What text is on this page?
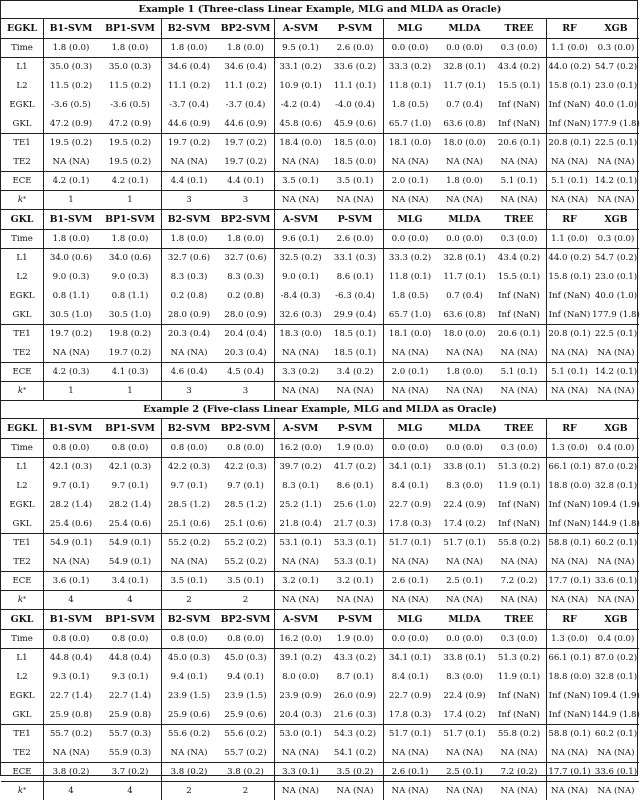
Example 1 (Three-class Linear Example, MLG and MLDA as Oracle)
EGKL	B1-SVM	BP1-SVM	B2-SVM	BP2-SVM	A-SVM	P-SVM	MLG	MLDA	TREE	RF	XGB
Time	1.8 (0.0)	1.8 (0.0)	1.8 (0.0)	1.8 (0.0)	9.5 (0.1)	2.6 (0.0)	0.0 (0.0)	0.0 (0.0)	0.3 (0.0)	1.1 (0.0)	0.3 (0.0)
L1	35.0 (0.3)	35.0 (0.3)	34.6 (0.4)	34.6 (0.4)	33.1 (0.2)	33.6 (0.2)	33.3 (0.2)	32.8 (0.1)	43.4 (0.2) 44.0 (0.2) 54.7 (0.2)
L2	11.5 (0.2)	11.5 (0.2)	11.1 (0.2)	11.1 (0.2)	10.9 (0.1)	11.1 (0.1)	11.8 (0.1)	11.7 (0.1)	15.5 (0.1) 15.8 (0.1) 23.0 (0.1)
EGKL	-3.6 (0.5)	-3.6 (0.5)	-3.7 (0.4)	-3.7 (0.4)	-4.2 (0.4)	-4.0 (0.4)	1.8 (0.5)	0.7 (0.4)	Inf (NaN)	Inf (NaN) 40.0 (1.0)
GKL	47.2 (0.9)	47.2 (0.9)	44.6 (0.9)	44.6 (0.9)	45.8 (0.6)	45.9 (0.6)	65.7 (1.0)	63.6 (0.8)	Inf (NaN)	Inf (NaN) 177.9 (1.8)
TE1	19.5 (0.2)	19.5 (0.2)	19.7 (0.2)	19.7 (0.2)	18.4 (0.0)	18.5 (0.0)	18.1 (0.0)	18.0 (0.0)	20.6 (0.1) 20.8 (0.1) 22.5 (0.1)
TE2	NA (NA)	19.5 (0.2)	NA (NA)	19.7 (0.2)	NA (NA)	18.5 (0.0)	NA (NA)	NA (NA)	NA (NA)	NA (NA)	NA (NA)
ECE	4.2 (0.1)	4.2 (0.1)	4.4 (0.1)	4.4 (0.1)	3.5 (0.1)	3.5 (0.1)	2.0 (0.1)	1.8 (0.0)	5.1 (0.1)	5.1 (0.1) 14.2 (0.1)
k *	1	1	3	3	NA (NA)	NA (NA)	NA (NA)	NA (NA)	NA (NA)	NA (NA)	NA (NA)
GKL	B1-SVM	BP1-SVM	B2-SVM	BP2-SVM	A-SVM	P-SVM	MLG	MLDA	TREE	RF	XGB
Time	1.8 (0.0)	1.8 (0.0)	1.8 (0.0)	1.8 (0.0)	9.6 (0.1)	2.6 (0.0)	0.0 (0.0)	0.0 (0.0)	0.3 (0.0)	1.1 (0.0)	0.3 (0.0)
L1	34.0 (0.6)	34.0 (0.6)	32.7 (0.6)	32.7 (0.6)	32.5 (0.2)	33.1 (0.3)	33.3 (0.2)	32.8 (0.1)	43.4 (0.2) 44.0 (0.2) 54.7 (0.2)
L2	9.0 (0.3)	9.0 (0.3)	8.3 (0.3)	8.3 (0.3)	9.0 (0.1)	8.6 (0.1)	11.8 (0.1)	11.7 (0.1)	15.5 (0.1) 15.8 (0.1) 23.0 (0.1)
EGKL	0.8 (1.1)	0.8 (1.1)	0.2 (0.8)	0.2 (0.8)	-8.4 (0.3)	-6.3 (0.4)	1.8 (0.5)	0.7 (0.4)	Inf (NaN)	Inf (NaN) 40.0 (1.0)
GKL	30.5 (1.0)	30.5 (1.0)	28.0 (0.9)	28.0 (0.9)	32.6 (0.3)	29.9 (0.4)	65.7 (1.0)	63.6 (0.8)	Inf (NaN)	Inf (NaN) 177.9 (1.8)
TE1	19.7 (0.2)	19.8 (0.2)	20.3 (0.4)	20.4 (0.4)	18.3 (0.0)	18.5 (0.1)	18.1 (0.0)	18.0 (0.0)	20.6 (0.1) 20.8 (0.1) 22.5 (0.1)
TE2	NA (NA)	19.7 (0.2)	NA (NA)	20.3 (0.4)	NA (NA)	18.5 (0.1)	NA (NA)	NA (NA)	NA (NA)	NA (NA)	NA (NA)
ECE	4.2 (0.3)	4.1 (0.3)	4.6 (0.4)	4.5 (0.4)	3.3 (0.2)	3.4 (0.2)	2.0 (0.1)	1.8 (0.0)	5.1 (0.1)	5.1 (0.1) 14.2 (0.1)
k *	1	1	3	3	NA (NA)	NA (NA)	NA (NA)	NA (NA)	NA (NA)	NA (NA)	NA (NA)
Example 2 (Five-class Linear Example, MLG and MLDA as Oracle)
EGKL	B1-SVM	BP1-SVM	B2-SVM	BP2-SVM	A-SVM	P-SVM	MLG	MLDA	TREE	RF	XGB
Time	0.8 (0.0)	0.8 (0.0)	0.8 (0.0)	0.8 (0.0)	16.2 (0.0)	1.9 (0.0)	0.0 (0.0)	0.0 (0.0)	0.3 (0.0)	1.3 (0.0)	0.4 (0.0)
L1	42.1 (0.3)	42.1 (0.3)	42.2 (0.3)	42.2 (0.3)	39.7 (0.2)	41.7 (0.2)	34.1 (0.1)	33.8 (0.1)	51.3 (0.2) 66.1 (0.1) 87.0 (0.2)
L2	9.7 (0.1)	9.7 (0.1)	9.7 (0.1)	9.7 (0.1)	8.3 (0.1)	8.6 (0.1)	8.4 (0.1)	8.3 (0.0)	11.9 (0.1) 18.8 (0.0) 32.8 (0.1)
EGKL	28.2 (1.4)	28.2 (1.4)	28.5 (1.2)	28.5 (1.2)	25.2 (1.1)	25.6 (1.0)	22.7 (0.9)	22.4 (0.9)	Inf (NaN)	Inf (NaN) 109.4 (1.9)
GKL	25.4 (0.6)	25.4 (0.6)	25.1 (0.6)	25.1 (0.6)	21.8 (0.4)	21.7 (0.3)	17.8 (0.3)	17.4 (0.2)	Inf (NaN)	Inf (NaN) 144.9 (1.8)
TE1	54.9 (0.1)	54.9 (0.1)	55.2 (0.2)	55.2 (0.2)	53.1 (0.1)	53.3 (0.1)	51.7 (0.1)	51.7 (0.1)	55.8 (0.2) 58.8 (0.1) 60.2 (0.1)
TE2	NA (NA)	54.9 (0.1)	NA (NA)	55.2 (0.2)	NA (NA)	53.3 (0.1)	NA (NA)	NA (NA)	NA (NA)	NA (NA)	NA (NA)
ECE	3.6 (0.1)	3.4 (0.1)	3.5 (0.1)	3.5 (0.1)	3.2 (0.1)	3.2 (0.1)	2.6 (0.1)	2.5 (0.1)	7.2 (0.2)	17.7 (0.1) 33.6 (0.1)
k *	4	4	2	2	NA (NA)	NA (NA)	NA (NA)	NA (NA)	NA (NA)	NA (NA)	NA (NA)
GKL	B1-SVM	BP1-SVM	B2-SVM	BP2-SVM	A-SVM	P-SVM	MLG	MLDA	TREE	RF	XGB
Time	0.8 (0.0)	0.8 (0.0)	0.8 (0.0)	0.8 (0.0)	16.2 (0.0)	1.9 (0.0)	0.0 (0.0)	0.0 (0.0)	0.3 (0.0)	1.3 (0.0)	0.4 (0.0)
L1	44.8 (0.4)	44.8 (0.4)	45.0 (0.3)	45.0 (0.3)	39.1 (0.2)	43.3 (0.2)	34.1 (0.1)	33.8 (0.1)	51.3 (0.2) 66.1 (0.1) 87.0 (0.2)
L2	9.3 (0.1)	9.3 (0.1)	9.4 (0.1)	9.4 (0.1)	8.0 (0.0)	8.7 (0.1)	8.4 (0.1)	8.3 (0.0)	11.9 (0.1) 18.8 (0.0) 32.8 (0.1)
EGKL	22.7 (1.4)	22.7 (1.4)	23.9 (1.5)	23.9 (1.5)	23.9 (0.9)	26.0 (0.9)	22.7 (0.9)	22.4 (0.9)	Inf (NaN)	Inf (NaN) 109.4 (1.9)
GKL	25.9 (0.8)	25.9 (0.8)	25.9 (0.6)	25.9 (0.6)	20.4 (0.3)	21.6 (0.3)	17.8 (0.3)	17.4 (0.2)	Inf (NaN)	Inf (NaN) 144.9 (1.8)
TE1	55.7 (0.2)	55.7 (0.3)	55.6 (0.2)	55.6 (0.2)	53.0 (0.1)	54.3 (0.2)	51.7 (0.1)	51.7 (0.1)	55.8 (0.2) 58.8 (0.1) 60.2 (0.1)
TE2	NA (NA)	55.9 (0.3)	NA (NA)	55.7 (0.2)	NA (NA)	54.1 (0.2)	NA (NA)	NA (NA)	NA (NA)	NA (NA)	NA (NA)
ECE	3.8 (0.2)	3.7 (0.2)	3.8 (0.2)	3.8 (0.2)	3.3 (0.1)	3.5 (0.2)	2.6 (0.1)	2.5 (0.1)	7.2 (0.2)	17.7 (0.1) 33.6 (0.1)
k *	4	4	2	2	NA (NA)	NA (NA)	NA (NA)	NA (NA)	NA (NA)	NA (NA)	NA (NA)
